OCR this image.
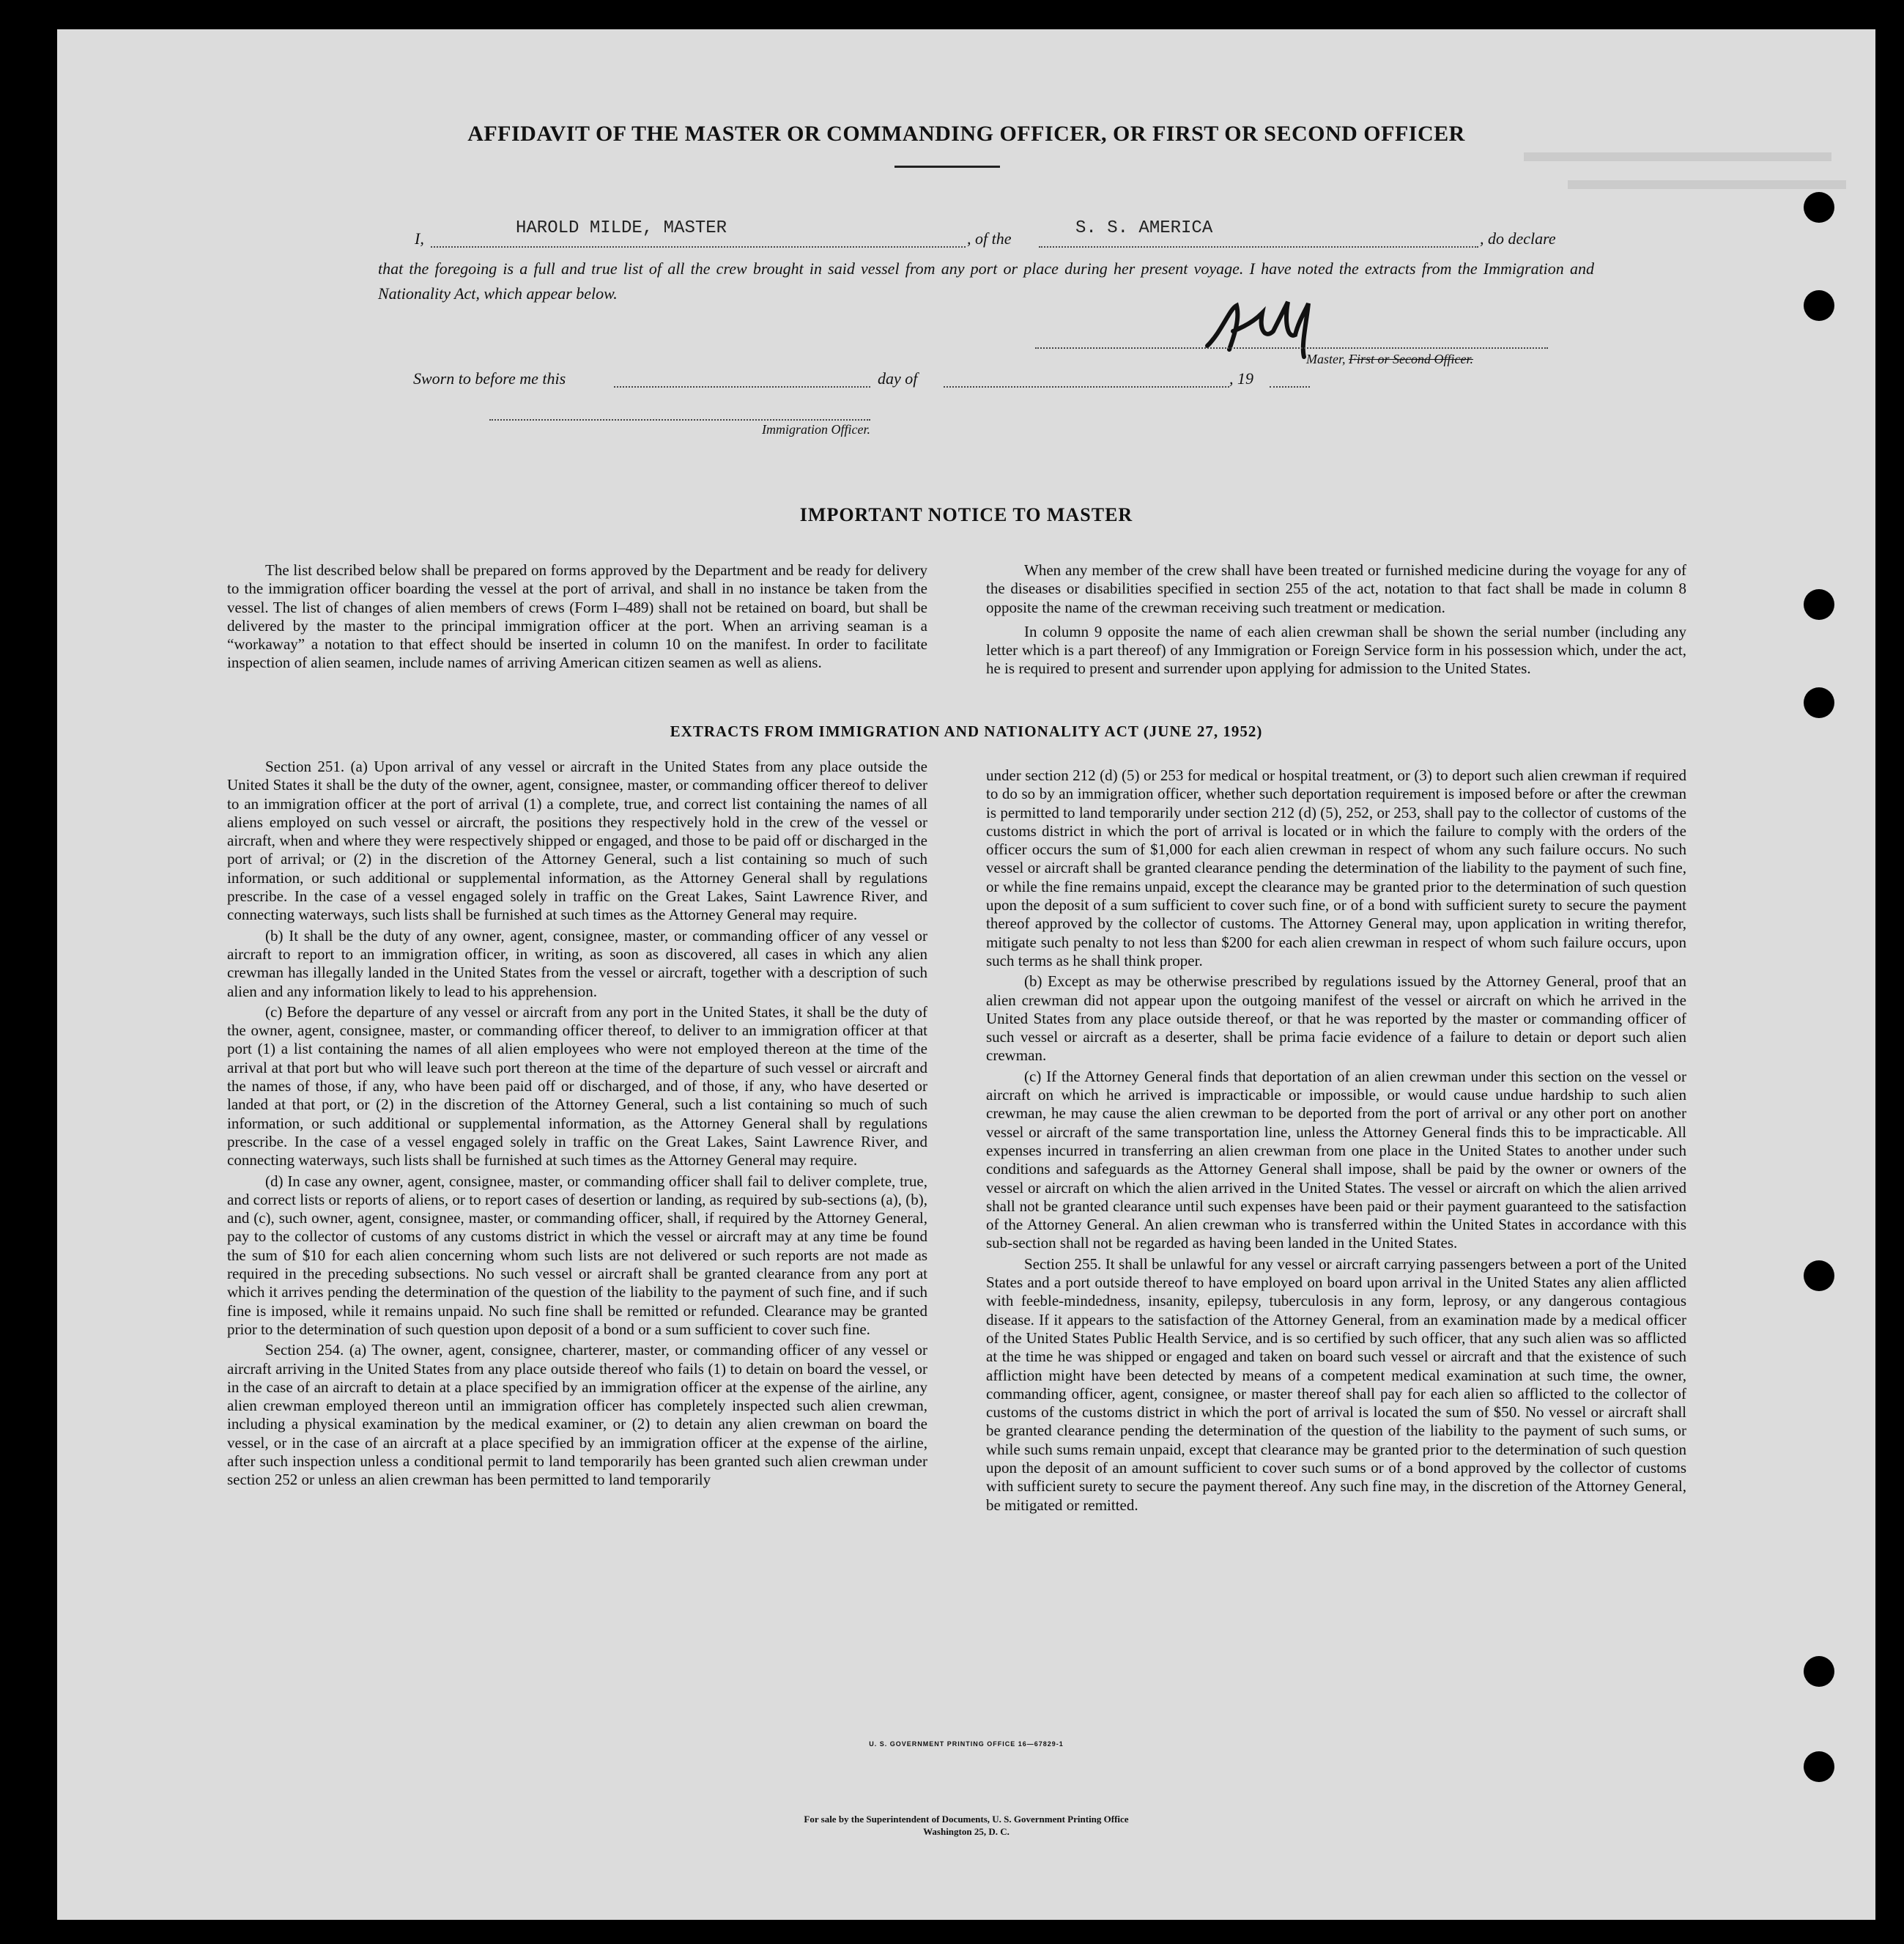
AFFIDAVIT OF THE MASTER OR COMMANDING OFFICER, OR FIRST OR SECOND OFFICER
I,
HAROLD MILDE, MASTER
, of the
S. S. AMERICA
, do declare
that the foregoing is a full and true list of all the crew brought in said vessel from any port or place during her present voyage. I have noted the extracts from the Immigration and Nationality Act, which appear below.
Master, First or Second Officer.
Sworn to before me this	day of	, 19
Immigration Officer.
IMPORTANT NOTICE TO MASTER

The list described below shall be prepared on forms approved by the Department and be ready for delivery to the immigration officer boarding the vessel at the port of arrival, and shall in no instance be taken from the vessel. The list of changes of alien members of crews (Form I–489) shall not be retained on board, but shall be delivered by the master to the principal immigration officer at the port. When an arriving seaman is a “workaway” a notation to that effect should be inserted in column 10 on the manifest. In order to facilitate inspection of alien seamen, include names of arriving American citizen seamen as well as aliens.

When any member of the crew shall have been treated or furnished medicine during the voyage for any of the diseases or disabilities specified in section 255 of the act, notation to that fact shall be made in column 8 opposite the name of the crewman receiving such treatment or medication.

In column 9 opposite the name of each alien crewman shall be shown the serial number (including any letter which is a part thereof) of any Immigration or Foreign Service form in his possession which, under the act, he is required to present and surrender upon applying for admission to the United States.

EXTRACTS FROM IMMIGRATION AND NATIONALITY ACT (JUNE 27, 1952)

Section 251. (a) Upon arrival of any vessel or aircraft in the United States from any place outside the United States it shall be the duty of the owner, agent, consignee, master, or commanding officer thereof to deliver to an immigration officer at the port of arrival (1) a complete, true, and correct list containing the names of all aliens employed on such vessel or aircraft, the positions they respectively hold in the crew of the vessel or aircraft, when and where they were respectively shipped or engaged, and those to be paid off or discharged in the port of arrival; or (2) in the discretion of the Attorney General, such a list containing so much of such information, or such additional or supplemental information, as the Attorney General shall by regulations prescribe. In the case of a vessel engaged solely in traffic on the Great Lakes, Saint Lawrence River, and connecting waterways, such lists shall be furnished at such times as the Attorney General may require.

(b) It shall be the duty of any owner, agent, consignee, master, or commanding officer of any vessel or aircraft to report to an immigration officer, in writing, as soon as discovered, all cases in which any alien crewman has illegally landed in the United States from the vessel or aircraft, together with a description of such alien and any information likely to lead to his apprehension.

(c) Before the departure of any vessel or aircraft from any port in the United States, it shall be the duty of the owner, agent, consignee, master, or commanding officer thereof, to deliver to an immigration officer at that port (1) a list containing the names of all alien employees who were not employed thereon at the time of the arrival at that port but who will leave such port thereon at the time of the departure of such vessel or aircraft and the names of those, if any, who have been paid off or discharged, and of those, if any, who have deserted or landed at that port, or (2) in the discretion of the Attorney General, such a list containing so much of such information, or such additional or supplemental information, as the Attorney General shall by regulations prescribe. In the case of a vessel engaged solely in traffic on the Great Lakes, Saint Lawrence River, and connecting waterways, such lists shall be furnished at such times as the Attorney General may require.

(d) In case any owner, agent, consignee, master, or commanding officer shall fail to deliver complete, true, and correct lists or reports of aliens, or to report cases of desertion or landing, as required by sub-sections (a), (b), and (c), such owner, agent, consignee, master, or commanding officer, shall, if required by the Attorney General, pay to the collector of customs of any customs district in which the vessel or aircraft may at any time be found the sum of $10 for each alien concerning whom such lists are not delivered or such reports are not made as required in the preceding subsections. No such vessel or aircraft shall be granted clearance from any port at which it arrives pending the determination of the question of the liability to the payment of such fine, and if such fine is imposed, while it remains unpaid. No such fine shall be remitted or refunded. Clearance may be granted prior to the determination of such question upon deposit of a bond or a sum sufficient to cover such fine.

Section 254. (a) The owner, agent, consignee, charterer, master, or commanding officer of any vessel or aircraft arriving in the United States from any place outside thereof who fails (1) to detain on board the vessel, or in the case of an aircraft to detain at a place specified by an immigration officer at the expense of the airline, any alien crewman employed thereon until an immigration officer has completely inspected such alien crewman, including a physical examination by the medical examiner, or (2) to detain any alien crewman on board the vessel, or in the case of an aircraft at a place specified by an immigration officer at the expense of the airline, after such inspection unless a conditional permit to land temporarily has been granted such alien crewman under section 252 or unless an alien crewman has been permitted to land temporarily

under section 212 (d) (5) or 253 for medical or hospital treatment, or (3) to deport such alien crewman if required to do so by an immigration officer, whether such deportation requirement is imposed before or after the crewman is permitted to land temporarily under section 212 (d) (5), 252, or 253, shall pay to the collector of customs of the customs district in which the port of arrival is located or in which the failure to comply with the orders of the officer occurs the sum of $1,000 for each alien crewman in respect of whom any such failure occurs. No such vessel or aircraft shall be granted clearance pending the determination of the liability to the payment of such fine, or while the fine remains unpaid, except the clearance may be granted prior to the determination of such question upon the deposit of a sum sufficient to cover such fine, or of a bond with sufficient surety to secure the payment thereof approved by the collector of customs. The Attorney General may, upon application in writing therefor, mitigate such penalty to not less than $200 for each alien crewman in respect of whom such failure occurs, upon such terms as he shall think proper.

(b) Except as may be otherwise prescribed by regulations issued by the Attorney General, proof that an alien crewman did not appear upon the outgoing manifest of the vessel or aircraft on which he arrived in the United States from any place outside thereof, or that he was reported by the master or commanding officer of such vessel or aircraft as a deserter, shall be prima facie evidence of a failure to detain or deport such alien crewman.

(c) If the Attorney General finds that deportation of an alien crewman under this section on the vessel or aircraft on which he arrived is impracticable or impossible, or would cause undue hardship to such alien crewman, he may cause the alien crewman to be deported from the port of arrival or any other port on another vessel or aircraft of the same transportation line, unless the Attorney General finds this to be impracticable. All expenses incurred in transferring an alien crewman from one place in the United States to another under such conditions and safeguards as the Attorney General shall impose, shall be paid by the owner or owners of the vessel or aircraft on which the alien arrived in the United States. The vessel or aircraft on which the alien arrived shall not be granted clearance until such expenses have been paid or their payment guaranteed to the satisfaction of the Attorney General. An alien crewman who is transferred within the United States in accordance with this sub-section shall not be regarded as having been landed in the United States.

Section 255. It shall be unlawful for any vessel or aircraft carrying passengers between a port of the United States and a port outside thereof to have employed on board upon arrival in the United States any alien afflicted with feeble-mindedness, insanity, epilepsy, tuberculosis in any form, leprosy, or any dangerous contagious disease. If it appears to the satisfaction of the Attorney General, from an examination made by a medical officer of the United States Public Health Service, and is so certified by such officer, that any such alien was so afflicted at the time he was shipped or engaged and taken on board such vessel or aircraft and that the existence of such affliction might have been detected by means of a competent medical examination at such time, the owner, commanding officer, agent, consignee, or master thereof shall pay for each alien so afflicted to the collector of customs of the customs district in which the port of arrival is located the sum of $50. No vessel or aircraft shall be granted clearance pending the determination of the question of the liability to the payment of such sums, or while such sums remain unpaid, except that clearance may be granted prior to the determination of such question upon the deposit of an amount sufficient to cover such sums or of a bond approved by the collector of customs with sufficient surety to secure the payment thereof. Any such fine may, in the discretion of the Attorney General, be mitigated or remitted.

U. S. GOVERNMENT PRINTING OFFICE 16—67829-1
For sale by the Superintendent of Documents, U. S. Government Printing Office
Washington 25, D. C.
